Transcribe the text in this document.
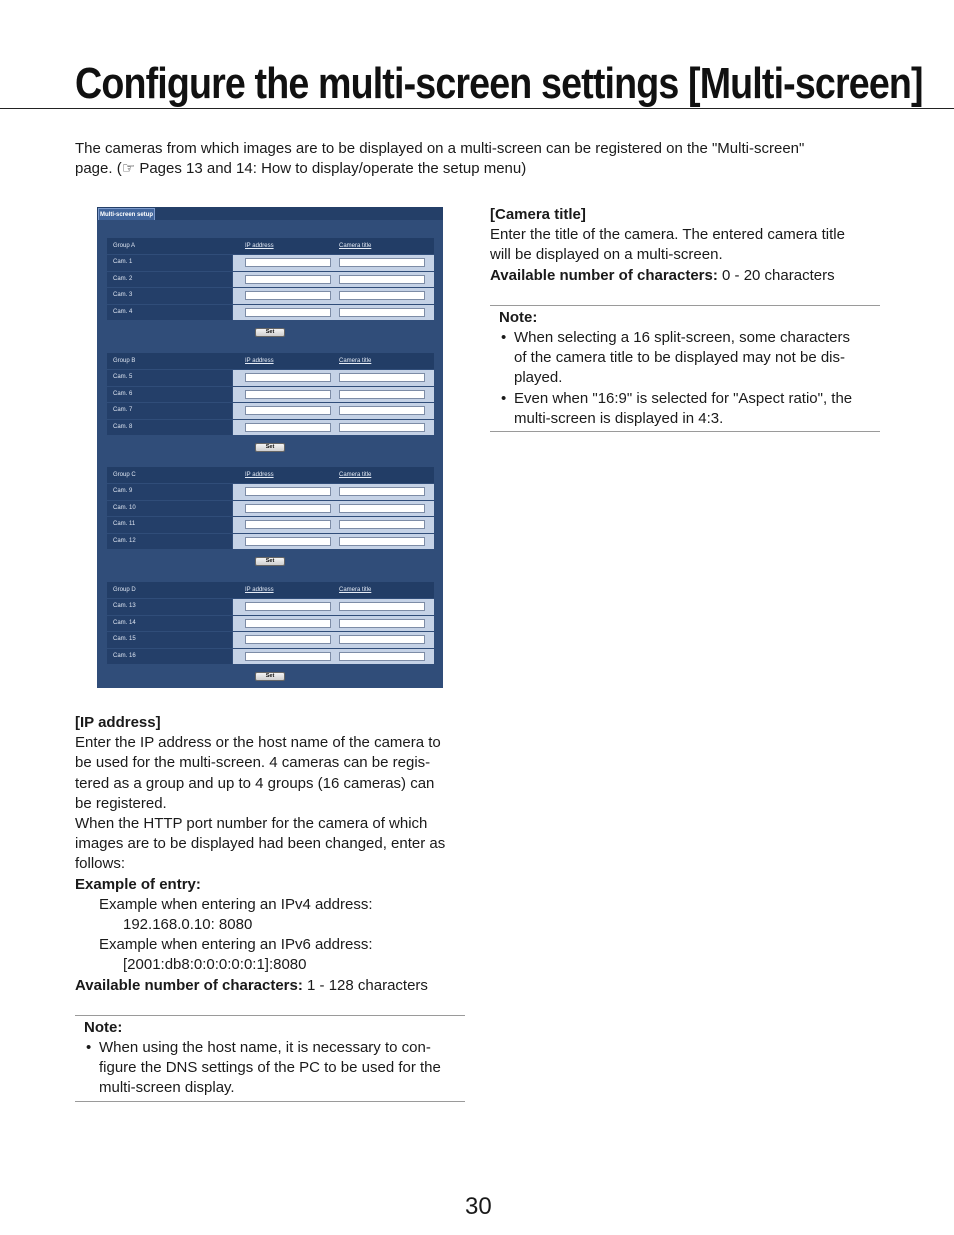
Configure the multi-screen settings [Multi-screen]
The cameras from which images are to be displayed on a multi-screen can be registered on the "Multi-screen"
page. (☞ Pages 13 and 14: How to display/operate the setup menu)
Multi-screen setup
Group A	IP address	Camera title
Cam. 1
Cam. 2
Cam. 3
Cam. 4
Set
Group B	IP address	Camera title
Cam. 5
Cam. 6
Cam. 7
Cam. 8
Set
Group C	IP address	Camera title
Cam. 9
Cam. 10
Cam. 11
Cam. 12
Set
Group D	IP address	Camera title
Cam. 13
Cam. 14
Cam. 15
Cam. 16
Set

[Camera title]

Enter the title of the camera. The entered camera title

will be displayed on a multi-screen.

Available number of characters: 0 - 20 characters

Note:

• When selecting a 16 split-screen, some characters
of the camera title to be displayed may not be dis-
played.
• Even when "16:9" is selected for "Aspect ratio", the
multi-screen is displayed in 4:3.

[IP address]

Enter the IP address or the host name of the camera to

be used for the multi-screen. 4 cameras can be regis-

tered as a group and up to 4 groups (16 cameras) can

be registered.

When the HTTP port number for the camera of which

images are to be displayed had been changed, enter as

follows:

Example of entry:

Example when entering an IPv4 address:

192.168.0.10: 8080

Example when entering an IPv6 address:

[2001:db8:0:0:0:0:0:1]:8080

Available number of characters: 1 - 128 characters

Note:

• When using the host name, it is necessary to con-
figure the DNS settings of the PC to be used for the
multi-screen display.
30
